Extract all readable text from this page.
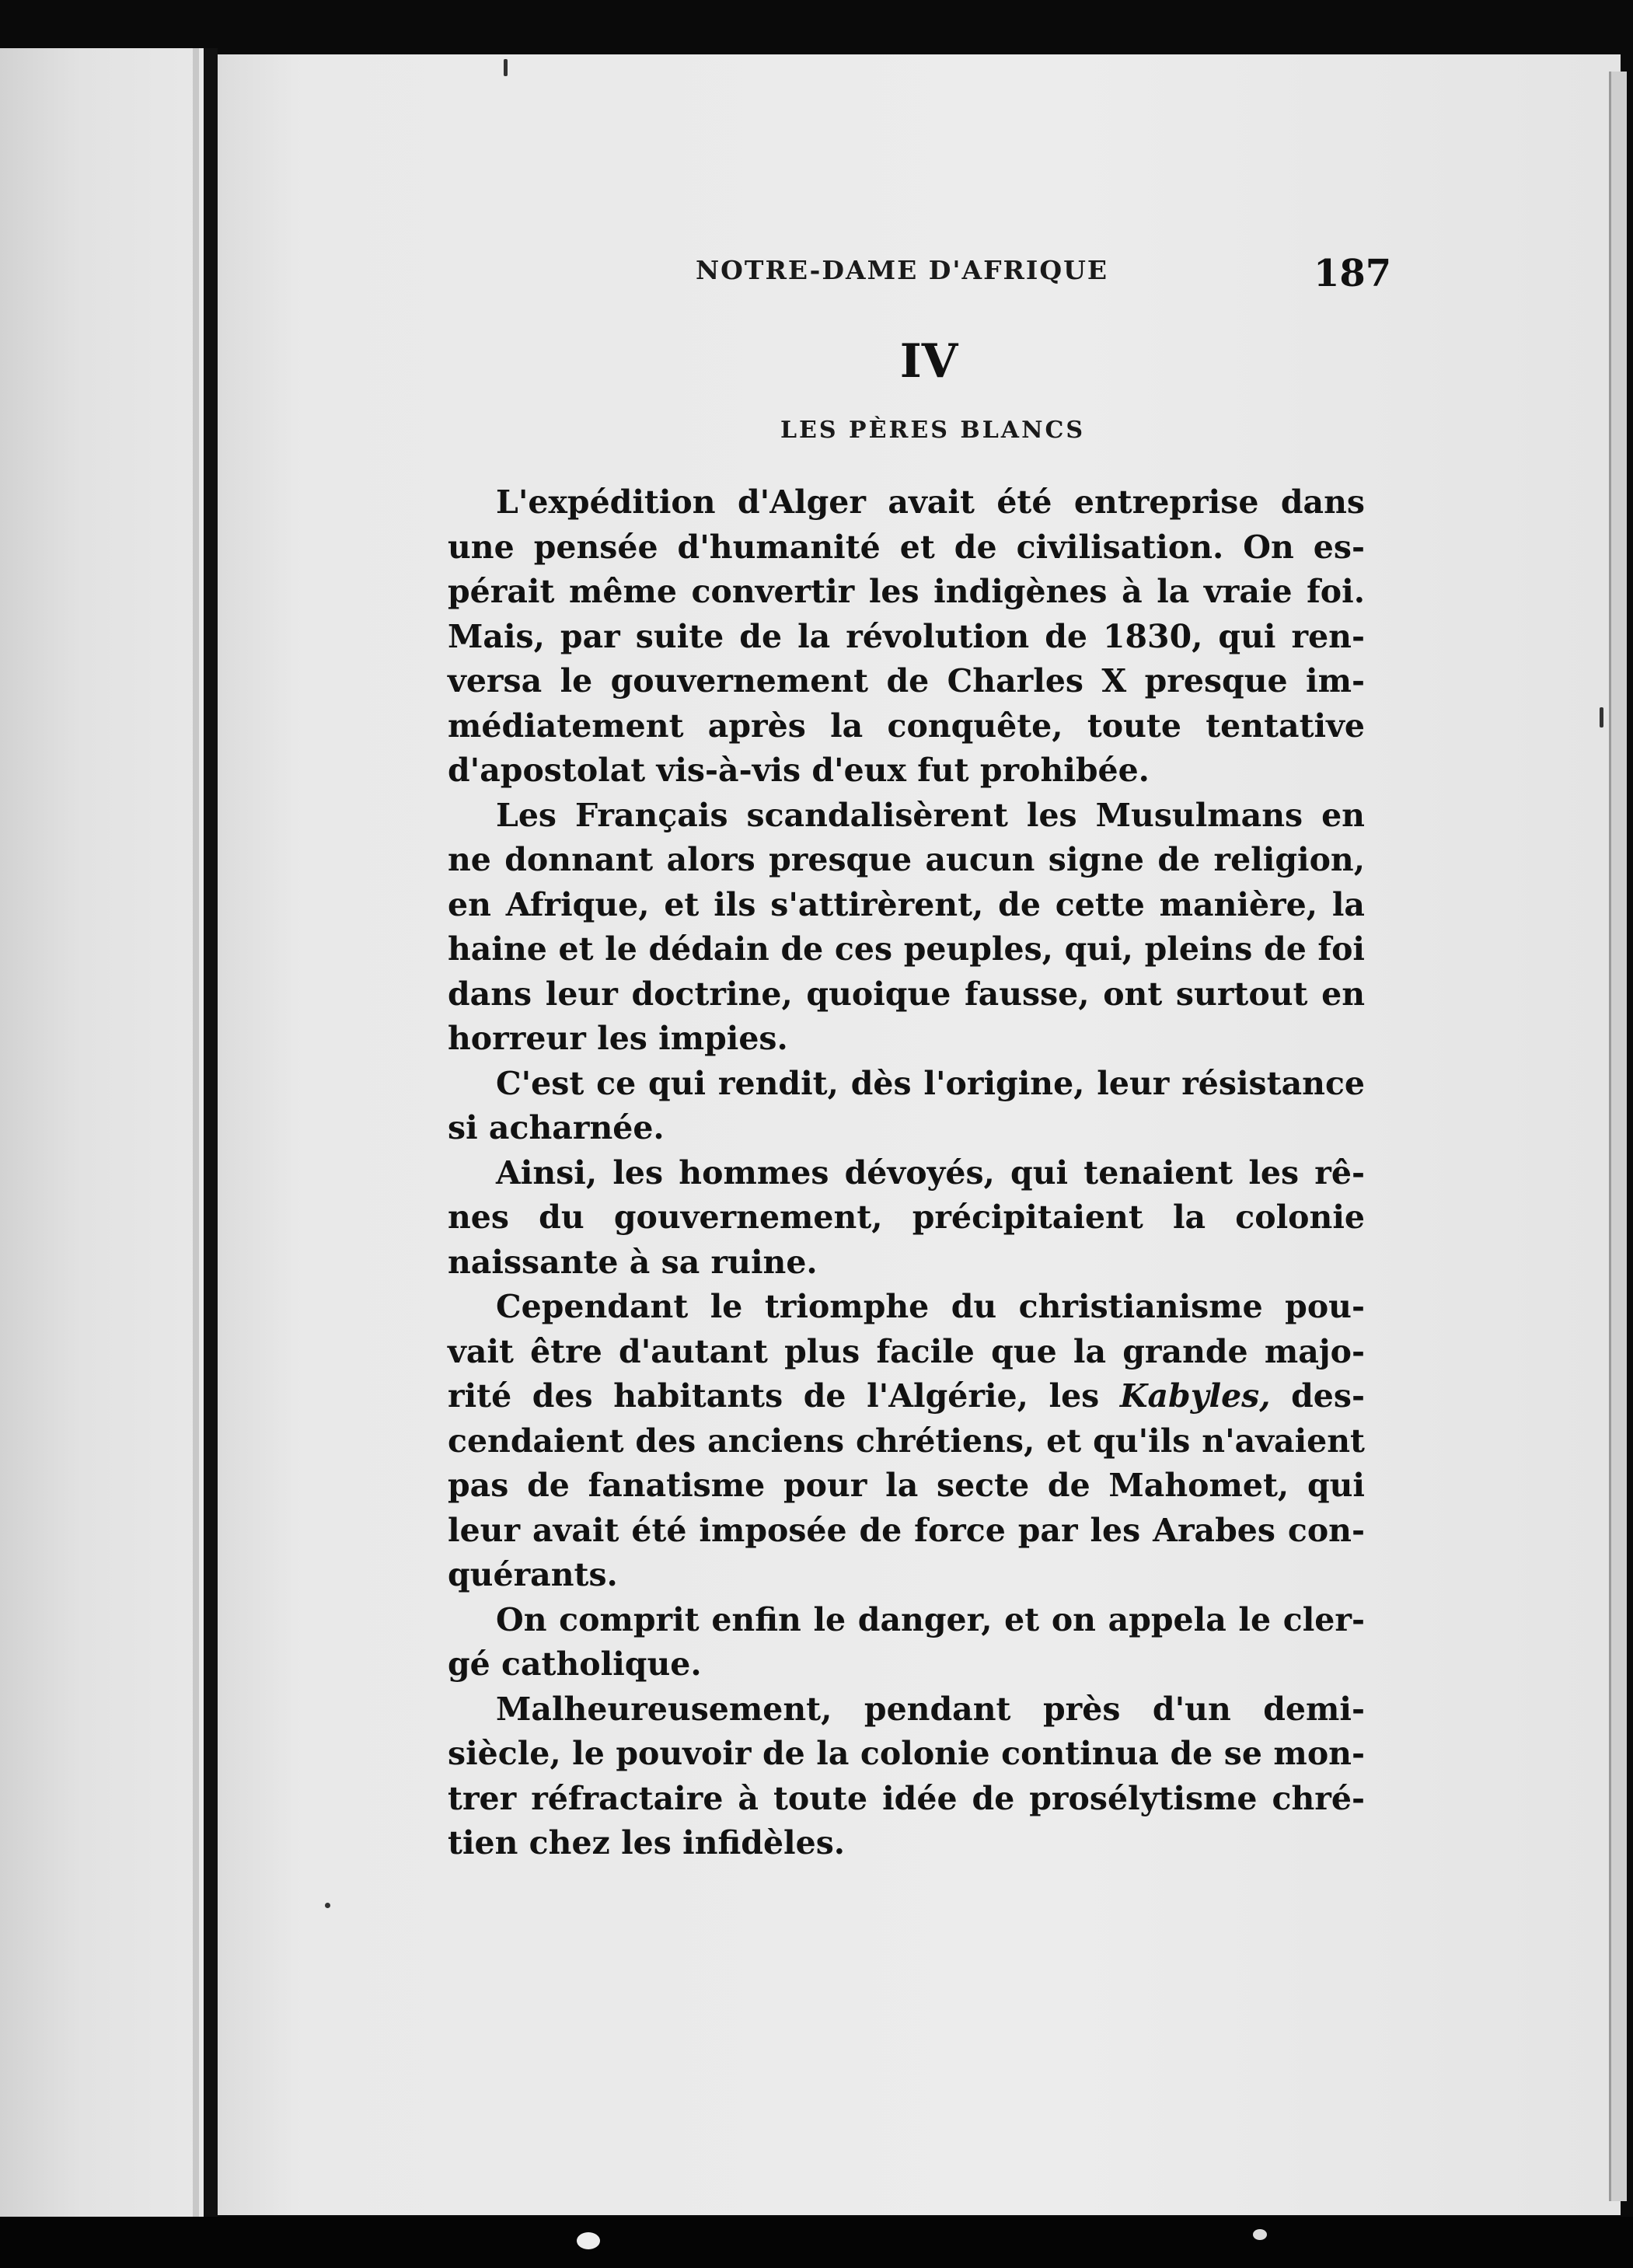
NOTRE-DAME D'AFRIQUE	187
IV
LES PÈRES BLANCS
L'expédition d'Alger avait été entreprise dans
une pensée d'humanité et de civilisation. On es-
pérait même convertir les indigènes à la vraie foi.
Mais, par suite de la révolution de 1830, qui ren-
versa le gouvernement de Charles X presque im-
médiatement après la conquête, toute tentative
d'apostolat vis-à-vis d'eux fut prohibée.
Les Français scandalisèrent les Musulmans en
ne donnant alors presque aucun signe de religion,
en Afrique, et ils s'attirèrent, de cette manière, la
haine et le dédain de ces peuples, qui, pleins de foi
dans leur doctrine, quoique fausse, ont surtout en
horreur les impies.
C'est ce qui rendit, dès l'origine, leur résistance
si acharnée.
Ainsi, les hommes dévoyés, qui tenaient les rê-
nes du gouvernement, précipitaient la colonie
naissante à sa ruine.
Cependant le triomphe du christianisme pou-
vait être d'autant plus facile que la grande majo-
rité des habitants de l'Algérie, les Kabyles, des-
cendaient des anciens chrétiens, et qu'ils n'avaient
pas de fanatisme pour la secte de Mahomet, qui
leur avait été imposée de force par les Arabes con-
quérants.
On comprit enfin le danger, et on appela le cler-
gé catholique.
Malheureusement, pendant près d'un demi-
siècle, le pouvoir de la colonie continua de se mon-
trer réfractaire à toute idée de prosélytisme chré-
tien chez les infidèles.
